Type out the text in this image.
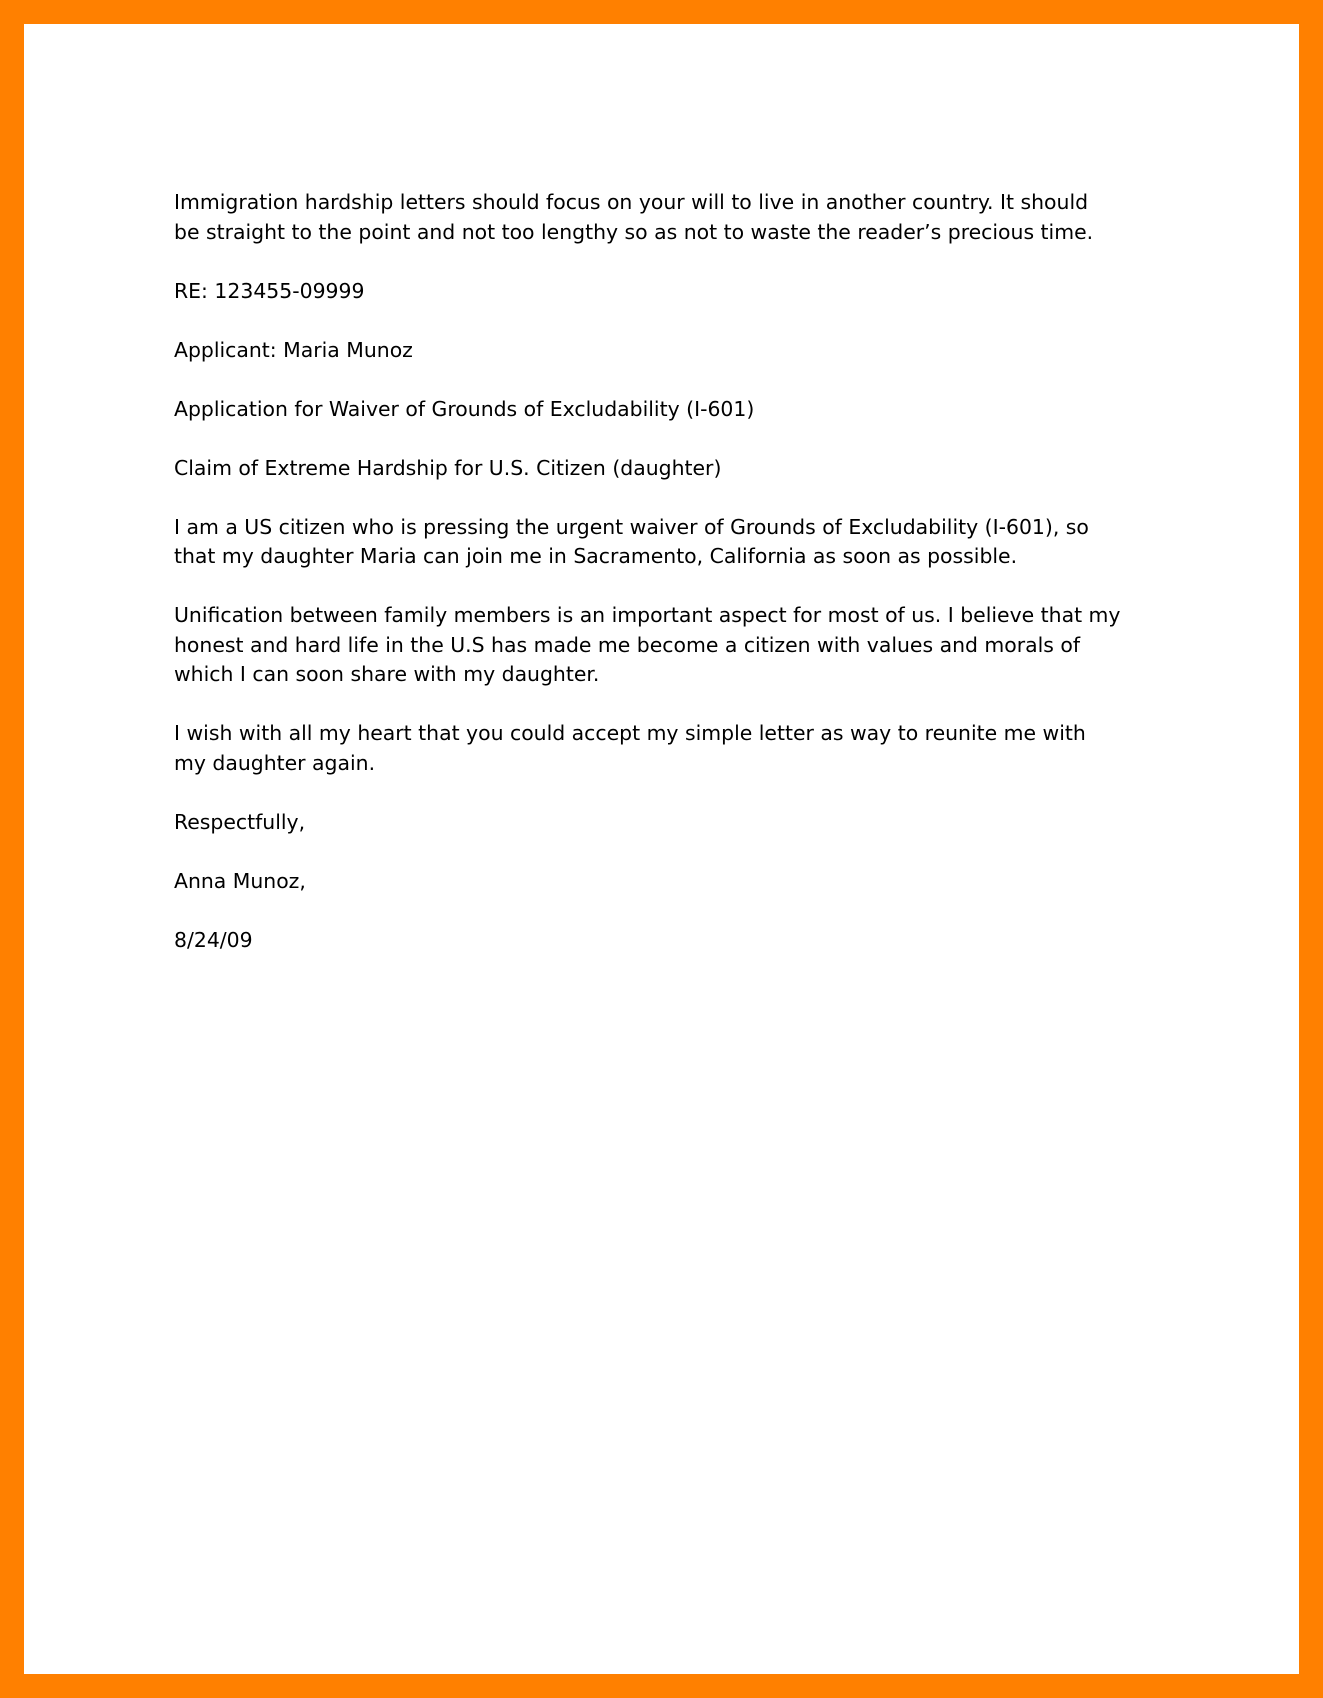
Immigration hardship letters should focus on your will to live in another country. It should
be straight to the point and not too lengthy so as not to waste the reader’s precious time.

RE: 123455-09999

Applicant: Maria Munoz

Application for Waiver of Grounds of Excludability (I-601)

Claim of Extreme Hardship for U.S. Citizen (daughter)

I am a US citizen who is pressing the urgent waiver of Grounds of Excludability (I-601), so
that my daughter Maria can join me in Sacramento, California as soon as possible.

Unification between family members is an important aspect for most of us. I believe that my
honest and hard life in the U.S has made me become a citizen with values and morals of
which I can soon share with my daughter.

I wish with all my heart that you could accept my simple letter as way to reunite me with
my daughter again.

Respectfully,

Anna Munoz,

8/24/09
